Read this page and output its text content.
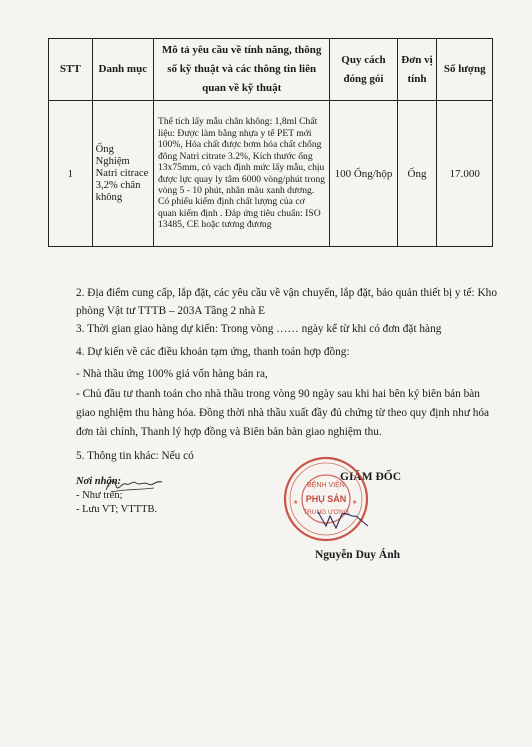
STT	Danh mục	Mô tả yêu cầu về tính năng, thông số kỹ thuật và các thông tin liên quan về kỹ thuật	Quy cách đóng gói	Đơn vị tính	Số lượng
1	Ống Nghiệm Natri citrace 3,2% chân không	Thể tích lấy mẫu chân không: 1,8ml Chất liệu: Được làm bằng nhựa y tế PET mới 100%, Hóa chất được bơm hóa chất chống đông Natri citrate 3.2%, Kích thước ống 13x75mm, có vạch định mức lấy mẫu, chịu được lực quay ly tâm 6000 vòng/phút trong vòng 5 - 10 phút, nhãn màu xanh dương. Có phiếu kiểm định chất lượng của cơ quan kiểm định . Đáp ứng tiêu chuẩn: ISO 13485, CE hoặc tương đương	100 Ống/hộp	Ống	17.000
2. Địa điểm cung cấp, lắp đặt, các yêu cầu về vận chuyển, lắp đặt, bảo quản thiết bị y tế: Kho phòng Vật tư TTTB – 203A Tầng 2 nhà E
3. Thời gian giao hàng dự kiến: Trong vòng …… ngày kể từ khi có đơn đặt hàng
4. Dự kiến về các điều khoản tạm ứng, thanh toán hợp đồng:
- Nhà thầu ứng 100% giá vốn hàng bán ra,
- Chủ đầu tư thanh toán cho nhà thầu trong vòng 90 ngày sau khi hai bên ký biên bản bàn giao nghiệm thu hàng hóa. Đồng thời nhà thầu xuất đầy đủ chứng từ theo quy định như hóa đơn tài chính, Thanh lý hợp đồng và Biên bản bàn giao nghiệm thu.
5. Thông tin khác: Nếu có
Nơi nhận:
- Như trên;
- Lưu VT; VTTTB.
GIÁM ĐỐC
BỆNH VIỆN
PHỤ SẢN
TRUNG ƯƠNG
★	★
Nguyễn Duy Ánh
